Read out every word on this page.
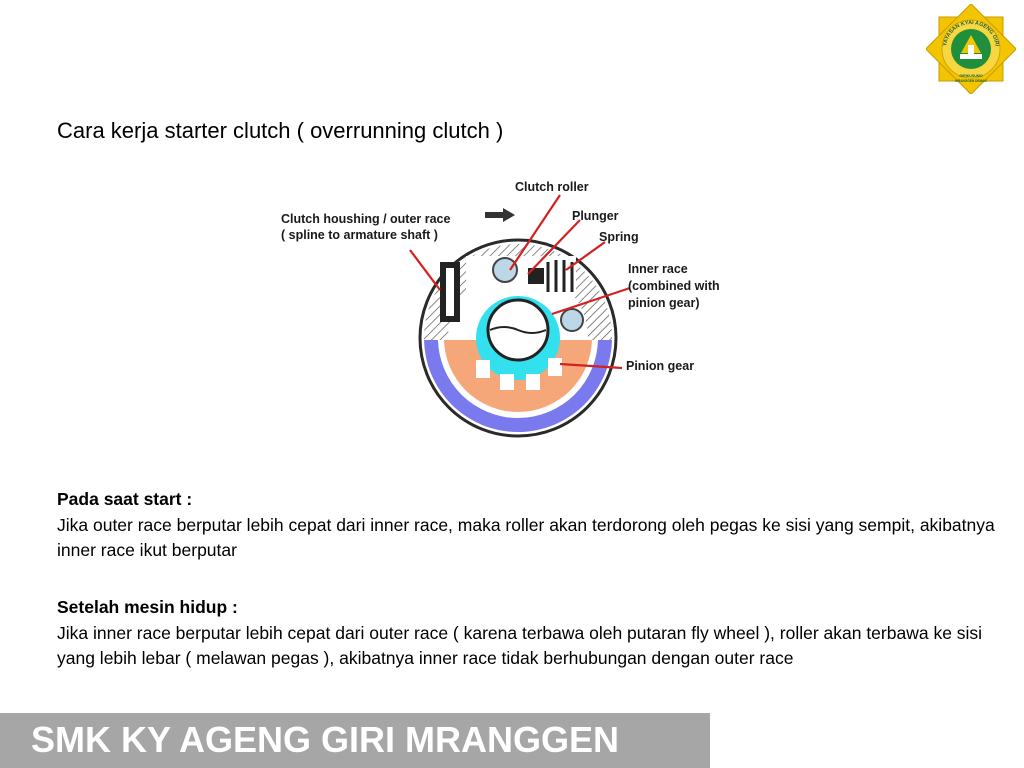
YAYASAN KYAI AGENG GIRI
GIRIKUSUMO
MRANGGEN DEMAK
Cara kerja starter clutch ( overrunning clutch )
Clutch roller
Plunger
Spring
Clutch houshing / outer race
( spline to armature shaft )
Inner race
(combined with
pinion gear)
Pinion gear
Pada saat start :
Jika outer race berputar lebih cepat dari inner race, maka roller akan terdorong oleh pegas ke sisi yang sempit, akibatnya inner race ikut berputar
Setelah mesin hidup :
Jika inner race berputar lebih cepat dari outer race ( karena terbawa oleh putaran fly wheel ), roller akan terbawa ke sisi yang lebih lebar ( melawan pegas ), akibatnya inner race tidak berhubungan dengan outer race
SMK KY AGENG GIRI MRANGGEN
